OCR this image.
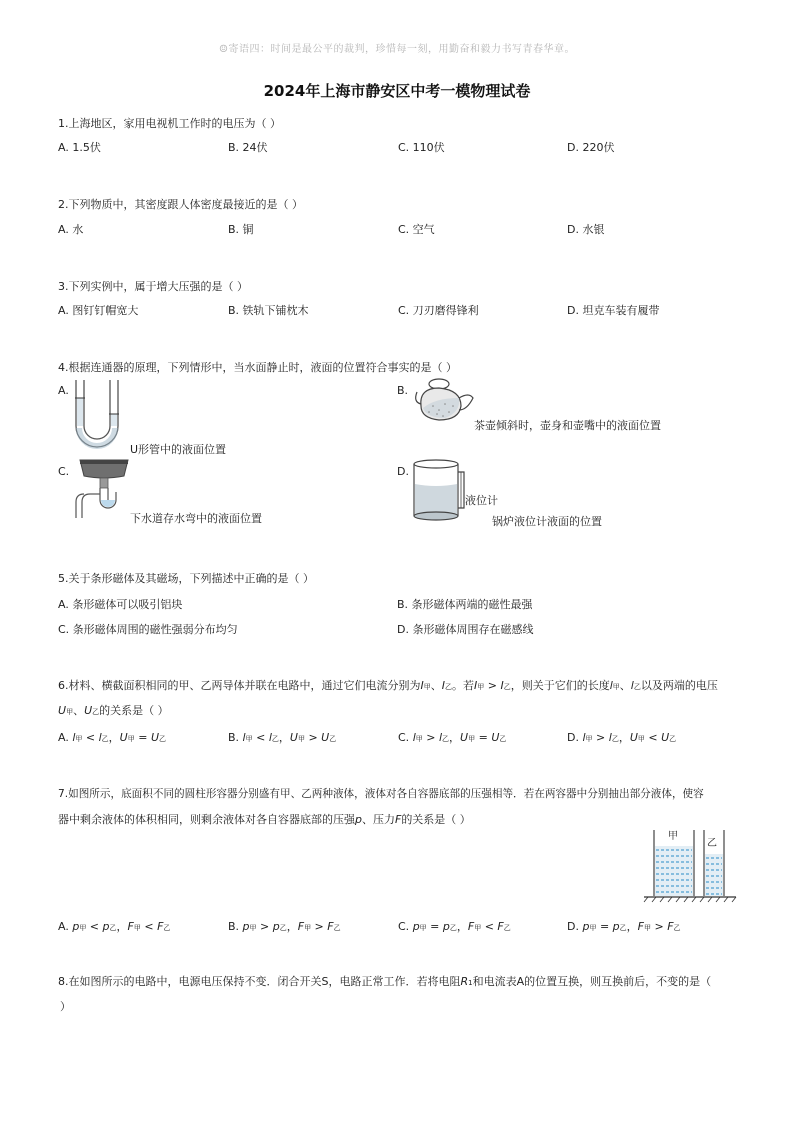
☺寄语四：时间是最公平的裁判，珍惜每一刻，用勤奋和毅力书写青春华章。
2024年上海市静安区中考一模物理试卷
1.上海地区，家用电视机工作时的电压为（ ）
A. 1.5伏	B. 24伏	C. 110伏	D. 220伏
2.下列物质中，其密度跟人体密度最接近的是（ ）
A. 水	B. 铜	C. 空气	D. 水银
3.下列实例中，属于增大压强的是（ ）
A. 图钉钉帽宽大	B. 铁轨下铺枕木	C. 刀刃磨得锋利	D. 坦克车装有履带
4.根据连通器的原理，下列情形中，当水面静止时，液面的位置符合事实的是（ ）
A.	B.
C.	D.
U形管中的液面位置
茶壶倾斜时，壶身和壶嘴中的液面位置
下水道存水弯中的液面位置
液位计
锅炉液位计液面的位置
5.关于条形磁体及其磁场，下列描述中正确的是（ ）
A. 条形磁体可以吸引铝块	B. 条形磁体两端的磁性最强
C. 条形磁体周围的磁性强弱分布均匀	D. 条形磁体周围存在磁感线
6.材料、横截面积相同的甲、乙两导体并联在电路中，通过它们电流分别为I甲、I乙。若I甲 > I乙，则关于它们的长度l甲、l乙以及两端的电压
U甲、U乙的关系是（ ）
A. l甲 < l乙，U甲 = U乙	B. l甲 < l乙，U甲 > U乙	C. l甲 > l乙，U甲 = U乙	D. l甲 > l乙，U甲 < U乙
7.如图所示，底面积不同的圆柱形容器分别盛有甲、乙两种液体，液体对各自容器底部的压强相等．若在两容器中分别抽出部分液体，使容
器中剩余液体的体积相同，则剩余液体对各自容器底部的压强p、压力F的关系是（ ）
甲
乙
A. p甲 < p乙，F甲 < F乙	B. p甲 > p乙，F甲 > F乙	C. p甲 = p乙，F甲 < F乙	D. p甲 = p乙，F甲 > F乙
8.在如图所示的电路中，电源电压保持不变．闭合开关S，电路正常工作．若将电阻R1和电流表A的位置互换，则互换前后，不变的是（
）
